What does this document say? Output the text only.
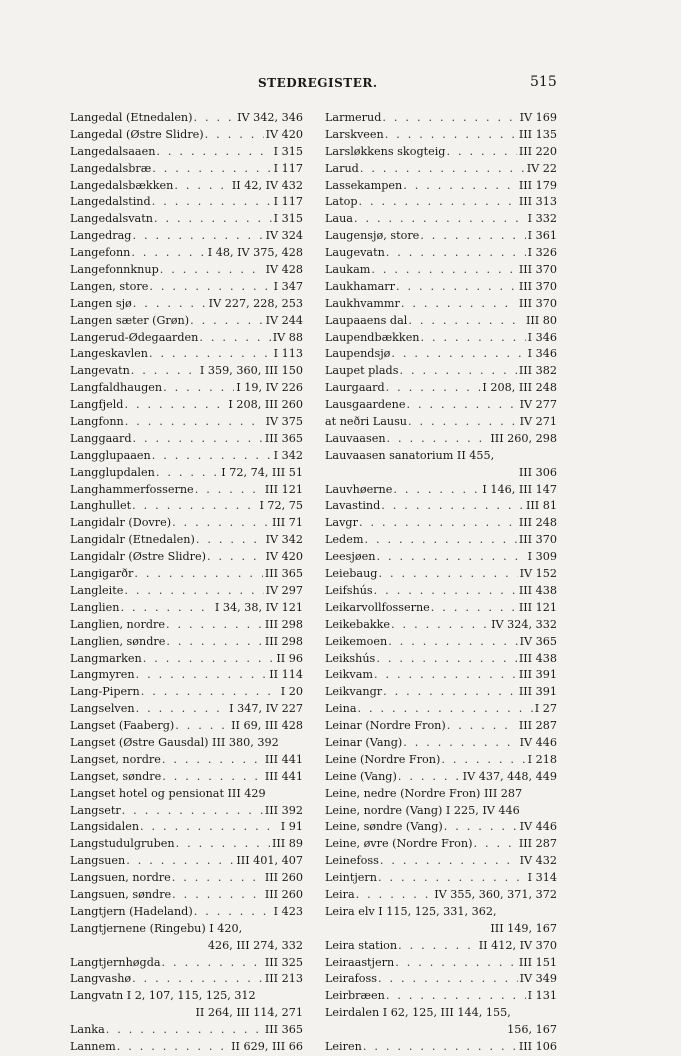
STEDREGISTER.	515
Langedal (Etnedalen) . . .	IV 342, 346
Langedal (Østre Slidre) . . .	IV 420
Langedalsaaen . . .	I 315
Langedalsbræ . . .	I 117
Langedalsbækken . . .	II 42, IV 432
Langedalstind . . .	I 117
Langedalsvatn . . .	I 315
Langedrag . . .	IV 324
Langefonn . . .	I 48, IV 375, 428
Langefonnknup . . .	IV 428
Langen, store . . .	I 347
Langen sjø . . .	IV 227, 228, 253
Langen sæter (Grøn) . . .	IV 244
Langerud-Ødegaarden . . .	IV 88
Langeskavlen . . .	I 113
Langevatn . . .	I 359, 360, III 150
Langfaldhaugen . . .	I 19, IV 226
Langfjeld . . .	I 208, III 260
Langfonn . . .	IV 375
Langgaard . . .	III 365
Langglupaaen . . .	I 342
Langglupdalen . . .	I 72, 74, III 51
Langhammerfosserne . . .	III 121
Langhullet . . .	I 72, 75
Langidalr (Dovre) . . .	III 71
Langidalr (Etnedalen) . . .	IV 342
Langidalr (Østre Slidre) . . .	IV 420
Langigarðr . . .	III 365
Langleite . . .	IV 297
Langlien . . .	I 34, 38, IV 121
Langlien, nordre . . .	III 298
Langlien, søndre . . .	III 298
Langmarken . . .	II 96
Langmyren . . .	II 114
Lang-Pipern . . .	I 20
Langselven . . .	I 347, IV 227
Langset (Faaberg) . . .	II 69, III 428
Langset (Østre Gausdal) III 380, 392
Langset, nordre . . .	III 441
Langset, søndre . . .	III 441
Langset hotel og pensionat III 429
Langsetr . . .	III 392
Langsidalen . . .	I 91
Langstudulgruben . . .	III 89
Langsuen . . .	III 401, 407
Langsuen, nordre . . .	III 260
Langsuen, søndre . . .	III 260
Langtjern (Hadeland) . . .	I 423
Langtjernene (Ringebu) I 420,
426, III 274, 332
Langtjernhøgda . . .	III 325
Langvashø . . .	III 213
Langvatn I 2, 107, 115, 125, 312
II 264, III 114, 271
Lanka . . .	III 365
Lannem . . .	II 629, III 66
Larmerud . . .	IV 169
Larskveen . . .	III 135
Larsløkkens skogteig . . .	III 220
Larud . . .	IV 22
Lassekampen . . .	III 179
Latop . . .	III 313
Laua . . .	I 332
Laugensjø, store . . .	I 361
Laugevatn . . .	I 326
Laukam . . .	III 370
Laukhamarr . . .	III 370
Laukhvammr . . .	III 370
Laupaaens dal . . .	III 80
Laupendbækken . . .	I 346
Laupendsjø . . .	I 346
Laupet plads . . .	III 382
Laurgaard . . .	I 208, III 248
Lausgaardene . . .	IV 277
at neðri Lausu . . .	IV 271
Lauvaasen . . .	III 260, 298
Lauvaasen sanatorium II 455,
III 306
Lauvhøerne . . .	I 146, III 147
Lavastind . . .	III 81
Lavgr . . .	III 248
Ledem . . .	III 370
Leesjøen . . .	I 309
Leiebaug . . .	IV 152
Leifshús . . .	III 438
Leikarvollfosserne . . .	III 121
Leikebakke . . .	IV 324, 332
Leikemoen . . .	IV 365
Leikshús . . .	III 438
Leikvam . . .	III 391
Leikvangr . . .	III 391
Leina . . .	I 27
Leinar (Nordre Fron) . . .	III 287
Leinar (Vang) . . .	IV 446
Leine (Nordre Fron) . . .	I 218
Leine (Vang) . . .	IV 437, 448, 449
Leine, nedre (Nordre Fron) III 287
Leine, nordre (Vang) I 225, IV 446
Leine, søndre (Vang) . . .	IV 446
Leine, øvre (Nordre Fron) . . .	III 287
Leinefoss . . .	IV 432
Leintjern . . .	I 314
Leira . . .	IV 355, 360, 371, 372
Leira elv I 115, 125, 331, 362,
III 149, 167
Leira station . . .	II 412, IV 370
Leiraastjern . . .	III 151
Leirafoss . . .	IV 349
Leirbræen . . .	I 131
Leirdalen I 62, 125, III 144, 155,
156, 167
Leiren . . .	III 106
